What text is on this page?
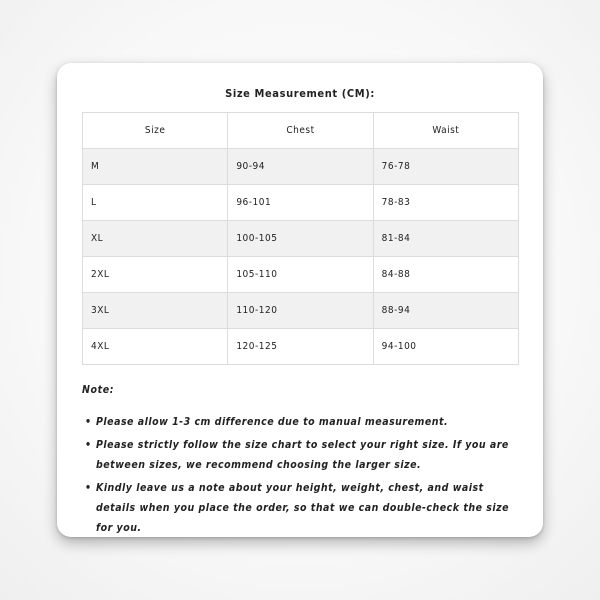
Size Measurement (CM):
Size	Chest	Waist
M	90-94	76-78
L	96-101	78-83
XL	100-105	81-84
2XL	105-110	84-88
3XL	110-120	88-94
4XL	120-125	94-100
Note:
• Please allow 1-3 cm difference due to manual measurement.
• Please strictly follow the size chart to select your right size. If you are between sizes, we recommend choosing the larger size.
• Kindly leave us a note about your height, weight, chest, and waist details when you place the order, so that we can double-check the size for you.
